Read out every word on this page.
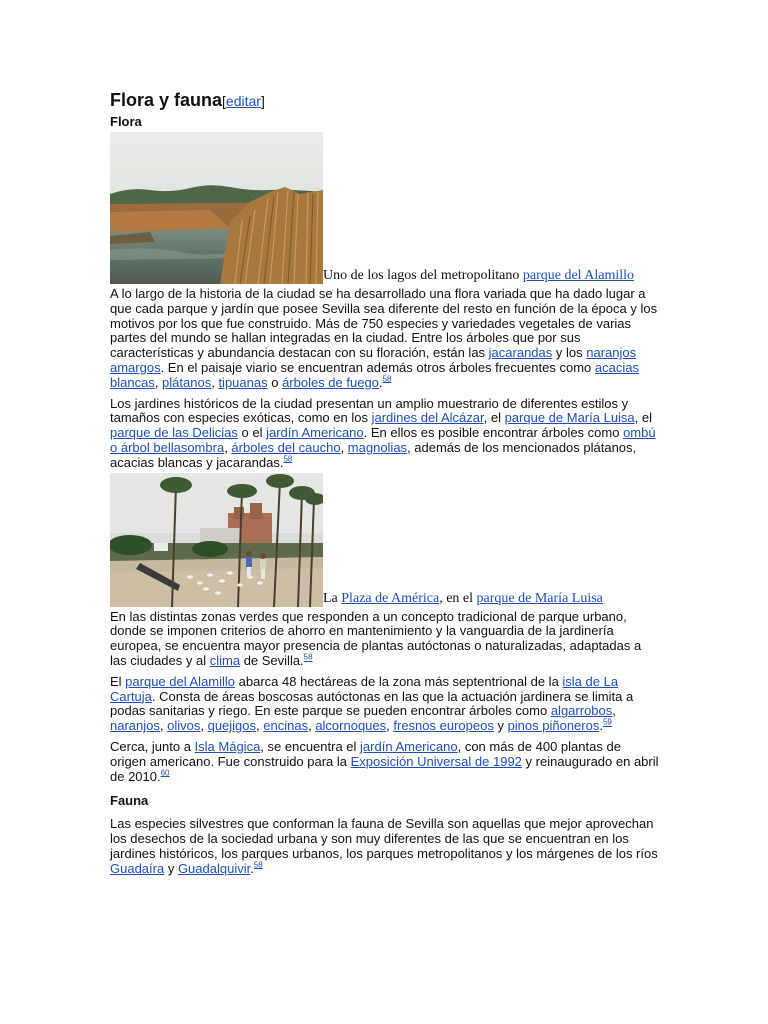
Flora y fauna[editar]
Flora
Uno de los lagos del metropolitano parque del Alamillo

A lo largo de la historia de la ciudad se ha desarrollado una flora variada que ha dado lugar a que cada parque y jardín que posee Sevilla sea diferente del resto en función de la época y los motivos por los que fue construido. Más de 750 especies y variedades vegetales de varias partes del mundo se hallan integradas en la ciudad. Entre los árboles que por sus características y abundancia destacan con su floración, están las jacarandas y los naranjos amargos. En el paisaje viario se encuentran además otros árboles frecuentes como acacias blancas, plátanos, tipuanas o árboles de fuego.$^{58}$

Los jardines históricos de la ciudad presentan un amplio muestrario de diferentes estilos y tamaños con especies exóticas, como en los jardines del Alcázar, el parque de María Luisa, el parque de las Delicias o el jardín Americano. En ellos es posible encontrar árboles como ombú o árbol bellasombra, árboles del caucho, magnolias, además de los mencionados plátanos, acacias blancas y jacarandas.$^{58}$

La Plaza de América, en el parque de María Luisa

En las distintas zonas verdes que responden a un concepto tradicional de parque urbano, donde se imponen criterios de ahorro en mantenimiento y la vanguardia de la jardinería europea, se encuentra mayor presencia de plantas autóctonas o naturalizadas, adaptadas a las ciudades y al clima de Sevilla.$^{58}$

El parque del Alamillo abarca 48 hectáreas de la zona más septentrional de la isla de La Cartuja. Consta de áreas boscosas autóctonas en las que la actuación jardinera se limita a podas sanitarias y riego. En este parque se pueden encontrar árboles como algarrobos, naranjos, olivos, quejigos, encinas, alcornoques, fresnos europeos y pinos piñoneros.$^{59}$

Cerca, junto a Isla Mágica, se encuentra el jardín Americano, con más de 400 plantas de origen americano. Fue construido para la Exposición Universal de 1992 y reinaugurado en abril de 2010.60

Fauna

Las especies silvestres que conforman la fauna de Sevilla son aquellas que mejor aprovechan los desechos de la sociedad urbana y son muy diferentes de las que se encuentran en los jardines históricos, los parques urbanos, los parques metropolitanos y los márgenes de los ríos Guadaíra y Guadalquivir.$^{58}$
